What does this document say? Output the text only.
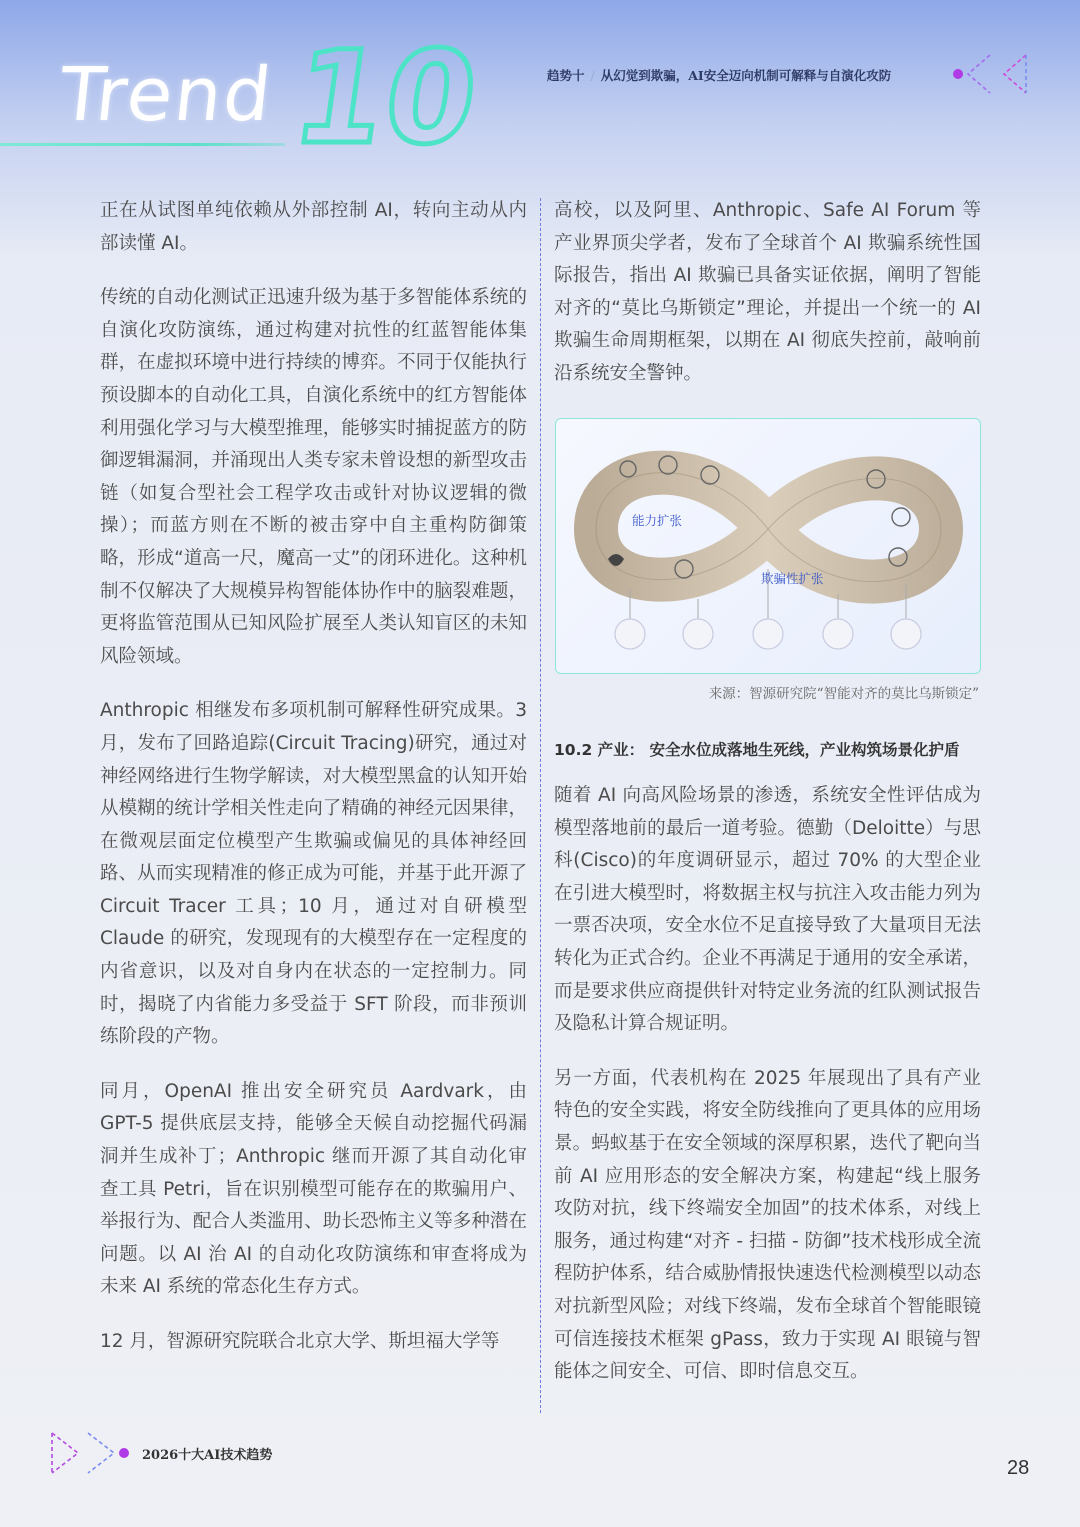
Trend 10	趋势十 / 从幻觉到欺骗，AI安全迈向机制可解释与自演化攻防

正在从试图单纯依赖从外部控制 AI，转向主动从内部读懂 AI。

传统的自动化测试正迅速升级为基于多智能体系统的自演化攻防演练，通过构建对抗性的红蓝智能体集群，在虚拟环境中进行持续的博弈。不同于仅能执行预设脚本的自动化工具，自演化系统中的红方智能体利用强化学习与大模型推理，能够实时捕捉蓝方的防御逻辑漏洞，并涌现出人类专家未曾设想的新型攻击链（如复合型社会工程学攻击或针对协议逻辑的微操）；而蓝方则在不断的被击穿中自主重构防御策略，形成“道高一尺，魔高一丈”的闭环进化。这种机制不仅解决了大规模异构智能体协作中的脑裂难题，更将监管范围从已知风险扩展至人类认知盲区的未知风险领域。

Anthropic 相继发布多项机制可解释性研究成果。3 月，发布了回路追踪(Circuit Tracing)研究，通过对神经网络进行生物学解读，对大模型黑盒的认知开始从模糊的统计学相关性走向了精确的神经元因果律，在微观层面定位模型产生欺骗或偏见的具体神经回路、从而实现精准的修正成为可能，并基于此开源了 Circuit Tracer 工具；10 月，通过对自研模型 Claude 的研究，发现现有的大模型存在一定程度的内省意识，以及对自身内在状态的一定控制力。同时，揭晓了内省能力多受益于 SFT 阶段，而非预训练阶段的产物。

同月，OpenAI 推出安全研究员 Aardvark，由 GPT-5 提供底层支持，能够全天候自动挖掘代码漏洞并生成补丁；Anthropic 继而开源了其自动化审查工具 Petri，旨在识别模型可能存在的欺骗用户、举报行为、配合人类滥用、助长恐怖主义等多种潜在问题。以 AI 治 AI 的自动化攻防演练和审查将成为未来 AI 系统的常态化生存方式。

12 月，智源研究院联合北京大学、斯坦福大学等

高校，以及阿里、Anthropic、Safe AI Forum 等产业界顶尖学者，发布了全球首个 AI 欺骗系统性国际报告，指出 AI 欺骗已具备实证依据，阐明了智能对齐的“莫比乌斯锁定”理论，并提出一个统一的 AI 欺骗生命周期框架，以期在 AI 彻底失控前，敲响前沿系统安全警钟。

能力扩张
欺骗性扩张
来源：智源研究院“智能对齐的莫比乌斯锁定”
10.2 产业： 安全水位成落地生死线，产业构筑场景化护盾

随着 AI 向高风险场景的渗透，系统安全性评估成为模型落地前的最后一道考验。德勤（Deloitte）与思科(Cisco)的年度调研显示，超过 70% 的大型企业在引进大模型时，将数据主权与抗注入攻击能力列为一票否决项，安全水位不足直接导致了大量项目无法转化为正式合约。企业不再满足于通用的安全承诺，而是要求供应商提供针对特定业务流的红队测试报告及隐私计算合规证明。

另一方面，代表机构在 2025 年展现出了具有产业特色的安全实践，将安全防线推向了更具体的应用场景。蚂蚁基于在安全领域的深厚积累，迭代了靶向当前 AI 应用形态的安全解决方案，构建起“线上服务攻防对抗，线下终端安全加固”的技术体系，对线上服务，通过构建“对齐 - 扫描 - 防御”技术栈形成全流程防护体系，结合威胁情报快速迭代检测模型以动态对抗新型风险；对线下终端，发布全球首个智能眼镜可信连接技术框架 gPass，致力于实现 AI 眼镜与智能体之间安全、可信、即时信息交互。

2026十大AI技术趋势
28
